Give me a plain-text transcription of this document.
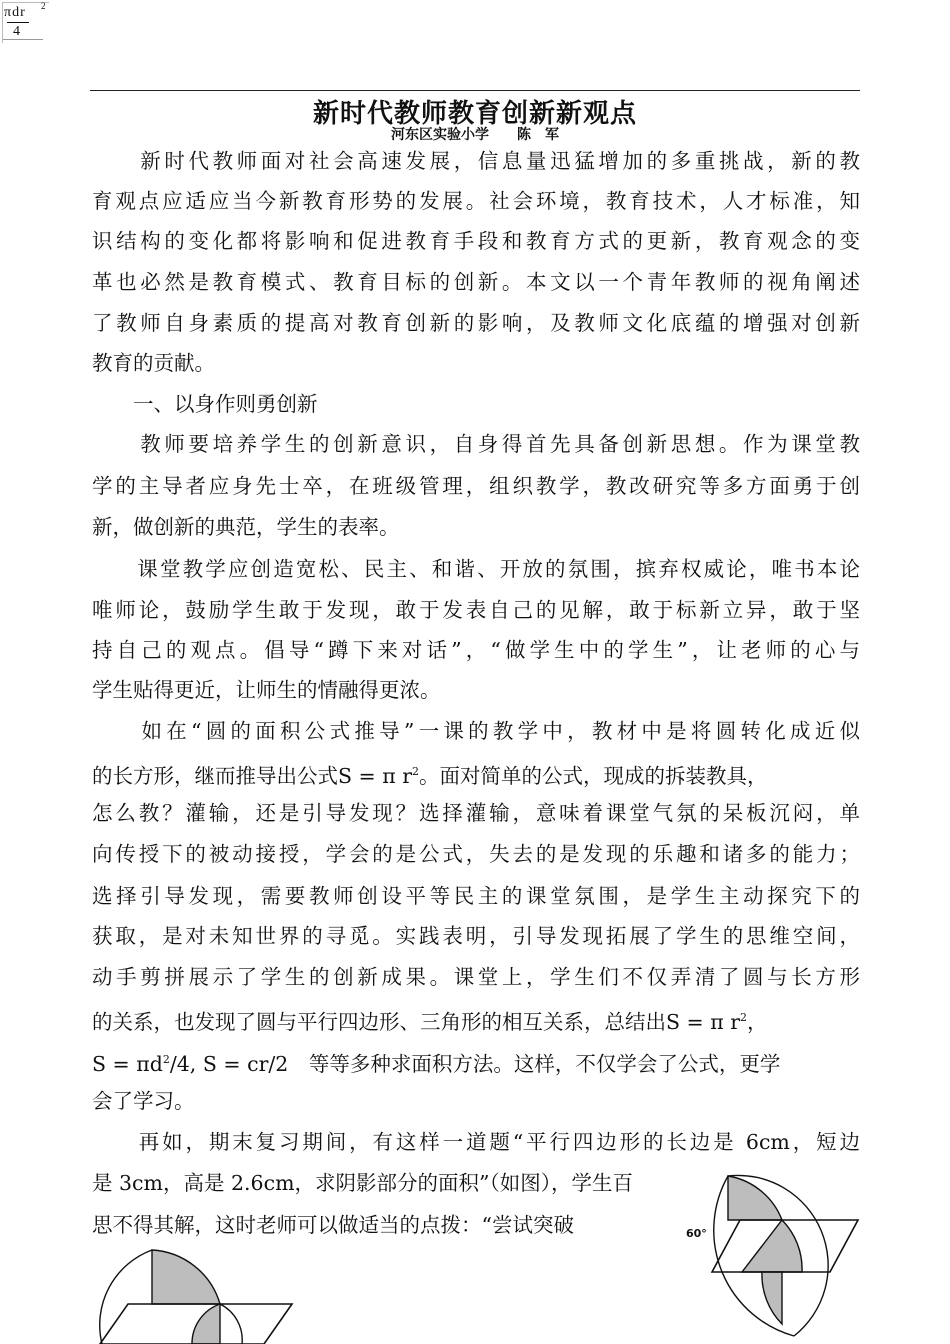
πdr 2
4
新时代教师教育创新新观点
河东区实验小学　　陈　军
　　新时代教师面对社会高速发展，信息量迅猛增加的多重挑战，新的教
育观点应适应当今新教育形势的发展。社会环境，教育技术，人才标准，知
识结构的变化都将影响和促进教育手段和教育方式的更新，教育观念的变
革也必然是教育模式、教育目标的创新。本文以一个青年教师的视角阐述
了教师自身素质的提高对教育创新的影响，及教师文化底蕴的增强对创新
教育的贡献。
　　一、以身作则勇创新
　　教师要培养学生的创新意识，自身得首先具备创新思想。作为课堂教
学的主导者应身先士卒，在班级管理，组织教学，教改研究等多方面勇于创
新，做创新的典范，学生的表率。
　　课堂教学应创造宽松、民主、和谐、开放的氛围，摈弃权威论，唯书本论
唯师论，鼓励学生敢于发现，敢于发表自己的见解，敢于标新立异，敢于坚
持自己的观点。倡导“蹲下来对话”，“做学生中的学生”，让老师的心与
学生贴得更近，让师生的情融得更浓。
　　如在“圆的面积公式推导”一课的教学中，教材中是将圆转化成近似
的长方形，继而推导出公式S = π $r^2$。面对简单的公式，现成的拆装教具，
怎么教？灌输，还是引导发现？选择灌输，意味着课堂气氛的呆板沉闷，单
向传授下的被动接授，学会的是公式，失去的是发现的乐趣和诸多的能力；
选择引导发现，需要教师创设平等民主的课堂氛围，是学生主动探究下的
获取，是对未知世界的寻觅。实践表明，引导发现拓展了学生的思维空间，
动手剪拼展示了学生的创新成果。课堂上，学生们不仅弄清了圆与长方形
的关系，也发现了圆与平行四边形、三角形的相互关系，总结出S = π $r^2$，
$S = \pi d^2/4$, S = cr/2　等等多种求面积方法。这样，不仅学会了公式，更学
会了学习。
　　再如，期末复习期间，有这样一道题“平行四边形的长边是 6cm，短边
是 3cm，高是 2.6cm，求阴影部分的面积”（如图），学生百
思不得其解，这时老师可以做适当的点拨：“尝试突破	60°
